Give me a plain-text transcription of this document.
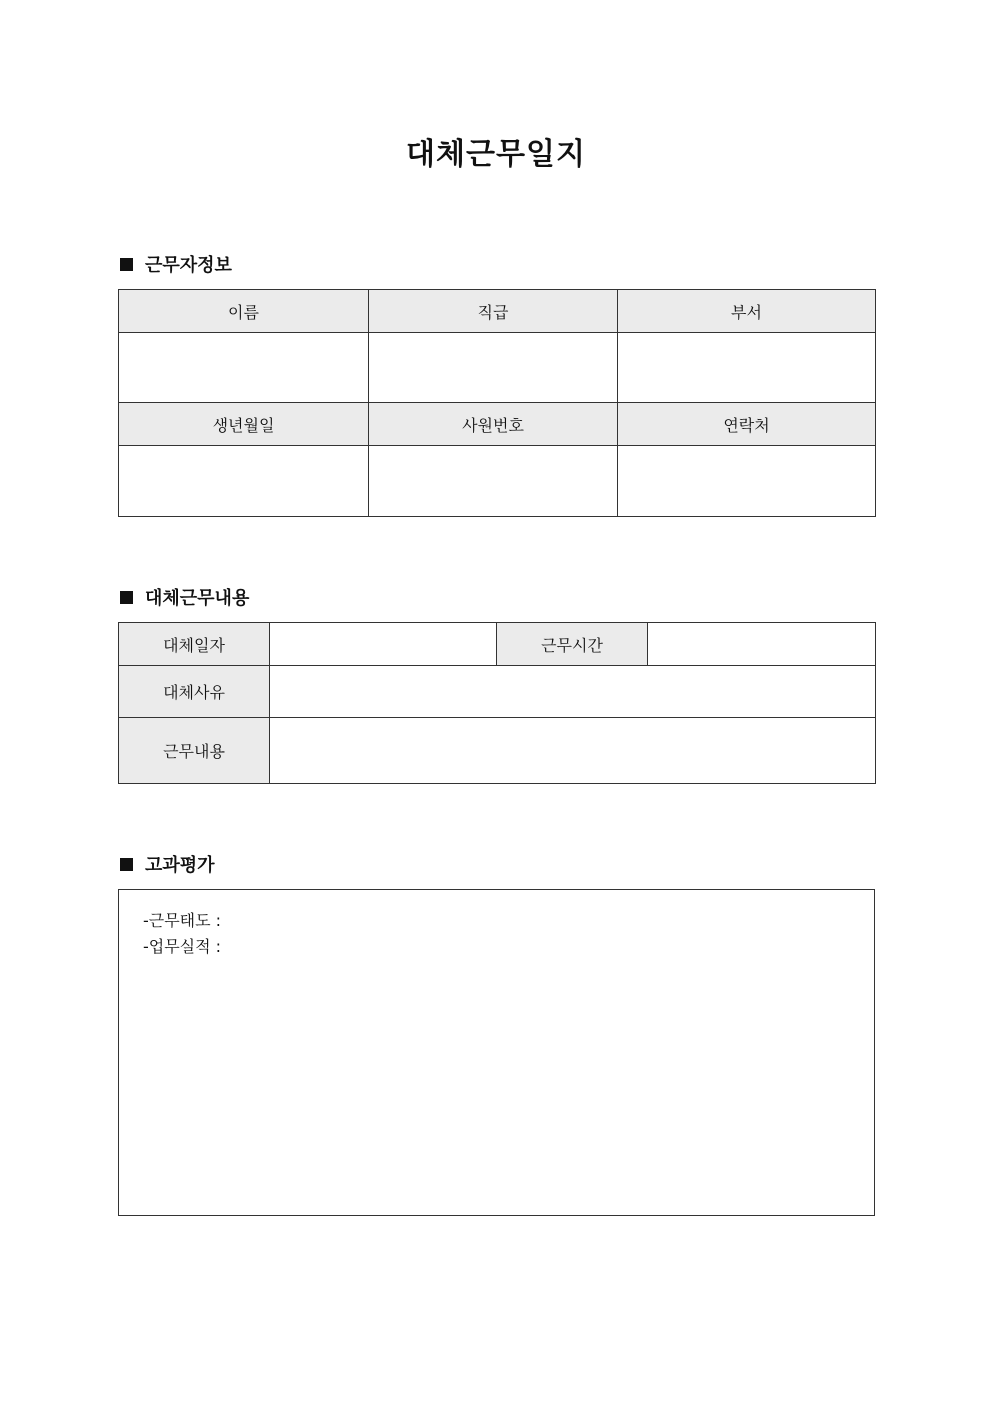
대체근무일지
근무자정보
이름	직급	부서

생년월일	사원번호	연락처

대체근무내용
대체일자		근무시간	
대체사유			
근무내용			
고과평가
-근무태도 :
-업무실적 :
